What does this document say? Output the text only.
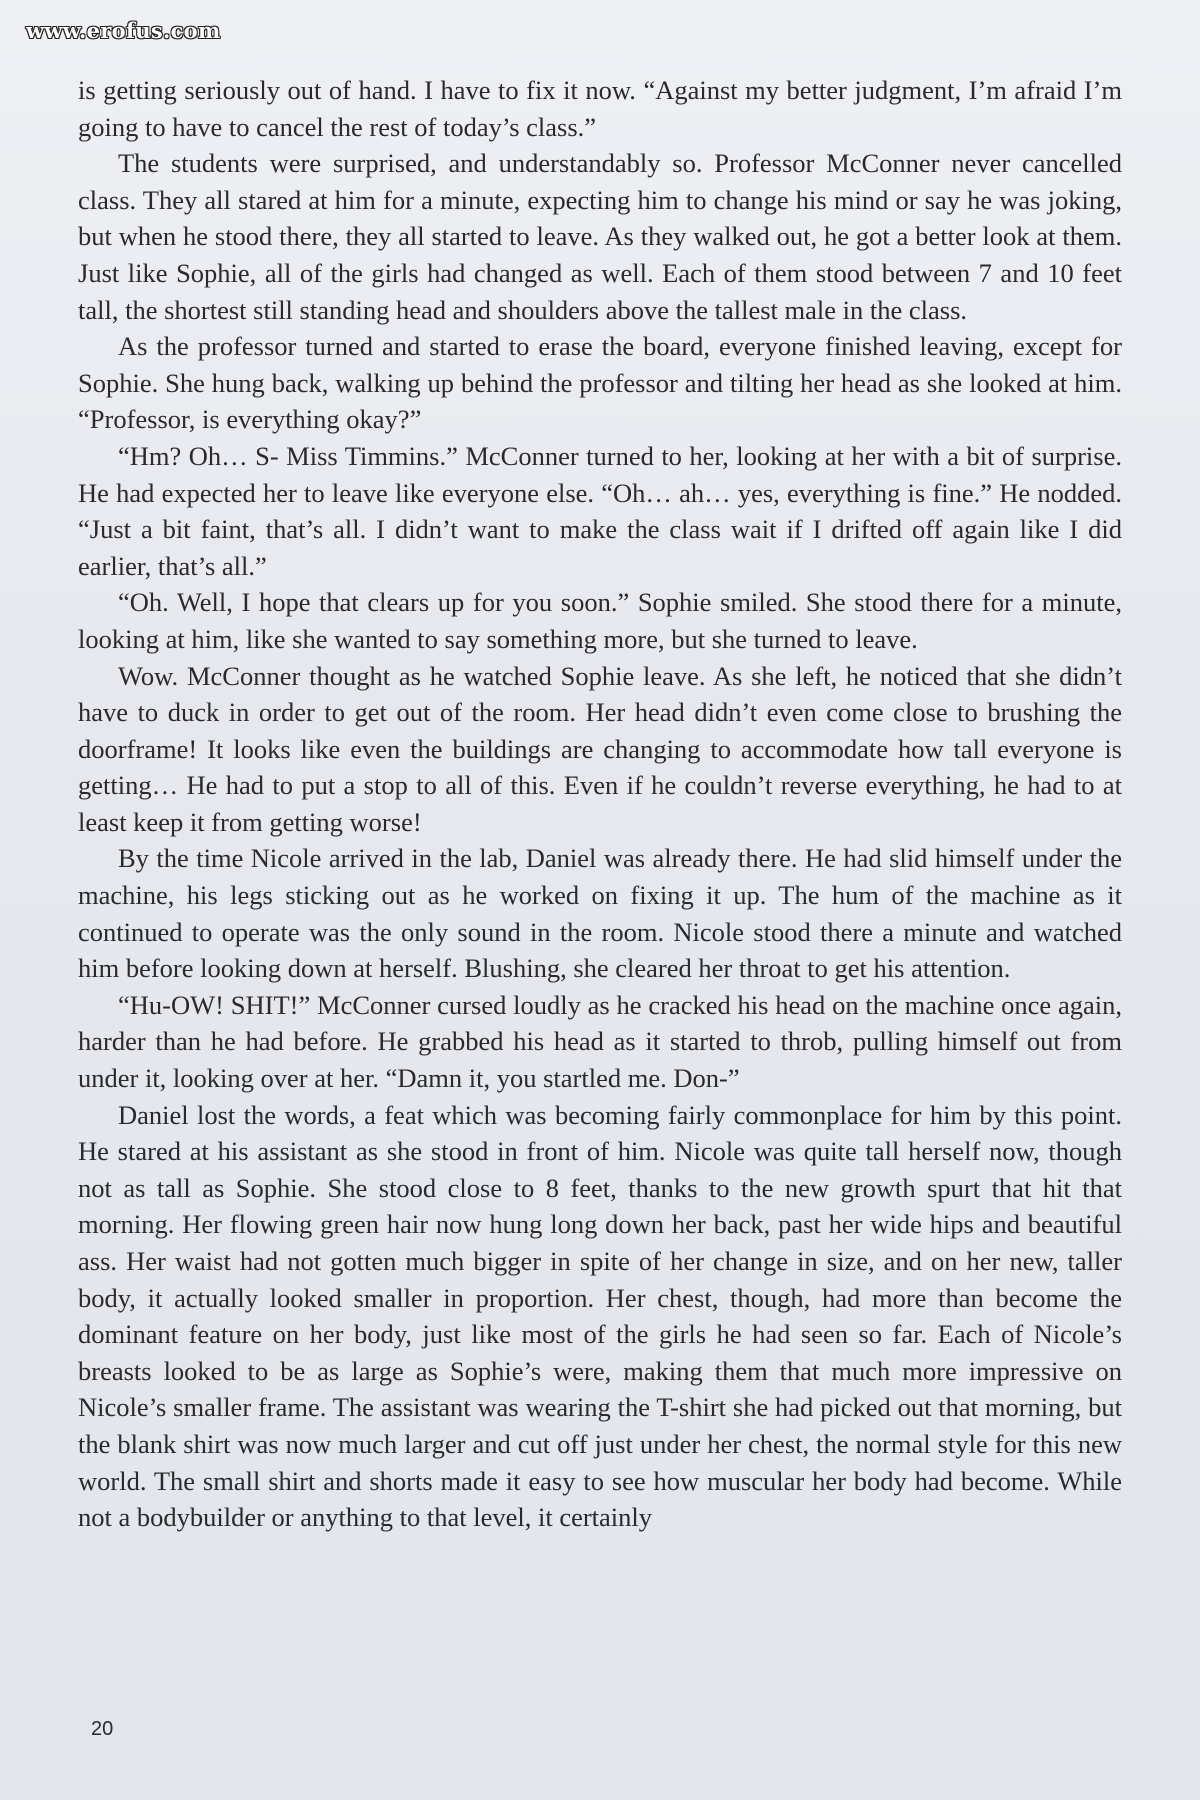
www.erofus.com

is getting seriously out of hand. I have to fix it now. “Against my better judgment, I’m afraid I’m going to have to cancel the rest of today’s class.”

The students were surprised, and understandably so. Professor McConner never cancelled class. They all stared at him for a minute, expecting him to change his mind or say he was joking, but when he stood there, they all started to leave. As they walked out, he got a better look at them. Just like Sophie, all of the girls had changed as well. Each of them stood between 7 and 10 feet tall, the shortest still standing head and shoulders above the tallest male in the class.

As the professor turned and started to erase the board, everyone finished leaving, except for Sophie. She hung back, walking up behind the professor and tilting her head as she looked at him. “Professor, is everything okay?”

“Hm? Oh… S- Miss Timmins.” McConner turned to her, looking at her with a bit of surprise. He had expected her to leave like everyone else. “Oh… ah… yes, everything is fine.” He nodded. “Just a bit faint, that’s all. I didn’t want to make the class wait if I drifted off again like I did earlier, that’s all.”

“Oh. Well, I hope that clears up for you soon.” Sophie smiled. She stood there for a minute, looking at him, like she wanted to say something more, but she turned to leave.

Wow. McConner thought as he watched Sophie leave. As she left, he noticed that she didn’t have to duck in order to get out of the room. Her head didn’t even come close to brushing the doorframe! It looks like even the buildings are changing to accommodate how tall everyone is getting… He had to put a stop to all of this. Even if he couldn’t reverse everything, he had to at least keep it from getting worse!

By the time Nicole arrived in the lab, Daniel was already there. He had slid himself under the machine, his legs sticking out as he worked on fixing it up. The hum of the machine as it continued to operate was the only sound in the room. Nicole stood there a minute and watched him before looking down at herself. Blushing, she cleared her throat to get his attention.

“Hu-OW! SHIT!” McConner cursed loudly as he cracked his head on the machine once again, harder than he had before. He grabbed his head as it started to throb, pulling himself out from under it, looking over at her. “Damn it, you startled me. Don-”

Daniel lost the words, a feat which was becoming fairly commonplace for him by this point. He stared at his assistant as she stood in front of him. Nicole was quite tall herself now, though not as tall as Sophie. She stood close to 8 feet, thanks to the new growth spurt that hit that morning. Her flowing green hair now hung long down her back, past her wide hips and beautiful ass. Her waist had not gotten much bigger in spite of her change in size, and on her new, taller body, it actually looked smaller in proportion. Her chest, though, had more than become the dominant feature on her body, just like most of the girls he had seen so far. Each of Nicole’s breasts looked to be as large as Sophie’s were, making them that much more impressive on Nicole’s smaller frame. The assistant was wearing the T-shirt she had picked out that morning, but the blank shirt was now much larger and cut off just under her chest, the normal style for this new world. The small shirt and shorts made it easy to see how muscular her body had become. While not a bodybuilder or anything to that level, it certainly

20
